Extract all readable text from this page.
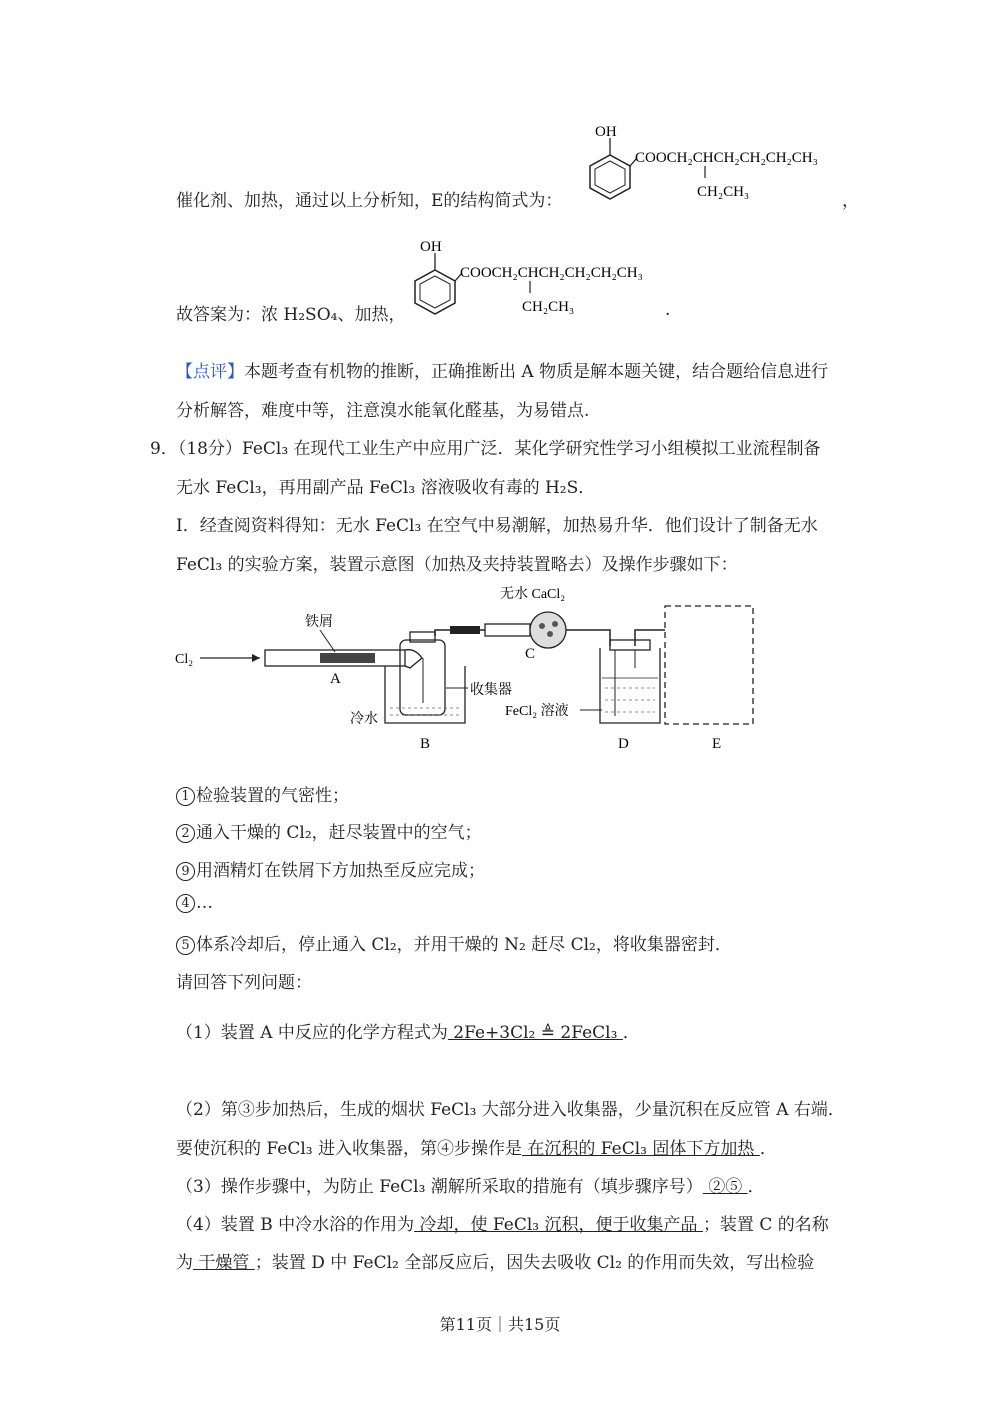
催化剂、加热，通过以上分析知，E的结构简式为：
OH
COOCH₂CHCH₂CH₂CH₂CH₃
CH₂CH₃	，
故答案为：浓 H₂SO₄、加热，
OH
COOCH₂CHCH₂CH₂CH₂CH₃
CH₂CH₃	.
【点评】本题考查有机物的推断，正确推断出 A 物质是解本题关键，结合题给信息进行
分析解答，难度中等，注意溴水能氧化醛基，为易错点.
9．（18分）FeCl₃ 在现代工业生产中应用广泛．某化学研究性学习小组模拟工业流程制备
无水 FeCl₃，再用副产品 FeCl₃ 溶液吸收有毒的 H₂S．
Ⅰ．经查阅资料得知：无水 FeCl₃ 在空气中易潮解，加热易升华．他们设计了制备无水
FeCl₃ 的实验方案，装置示意图（加热及夹持装置略去）及操作步骤如下：
Cl₂
铁屑
A
收集器
冷水
B
无水 CaCl₂
C
FeCl₂ 溶液
D	E
1 检验装置的气密性；
2 通入干燥的 Cl₂，赶尽装置中的空气；
9 用酒精灯在铁屑下方加热至反应完成；
4 …
5 体系冷却后，停止通入 Cl₂，并用干燥的 N₂ 赶尽 Cl₂，将收集器密封．
请回答下列问题：
（1）装置 A 中反应的化学方程式为 2Fe+3Cl₂ ≜ 2FeCl₃ ．
（2）第③步加热后，生成的烟状 FeCl₃ 大部分进入收集器，少量沉积在反应管 A 右端．
要使沉积的 FeCl₃ 进入收集器，第④步操作是 在沉积的 FeCl₃ 固体下方加热 ．
（3）操作步骤中，为防止 FeCl₃ 潮解所采取的措施有（填步骤序号） ②⑤ ．
（4）装置 B 中冷水浴的作用为 冷却，使 FeCl₃ 沉积，便于收集产品 ；装置 C 的名称
为 干燥管 ；装置 D 中 FeCl₂ 全部反应后，因失去吸收 Cl₂ 的作用而失效，写出检验
第11页｜共15页
